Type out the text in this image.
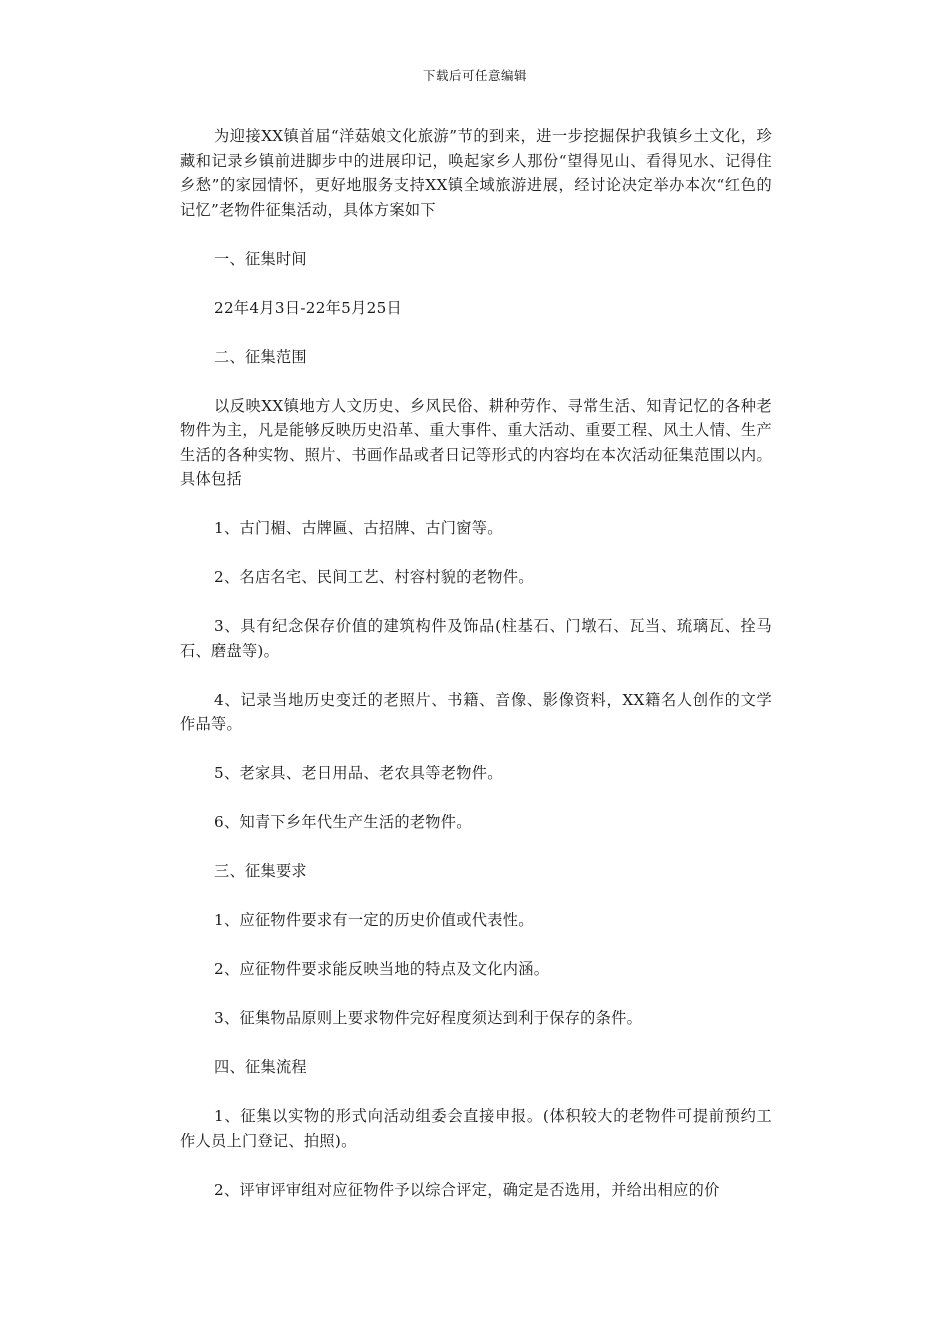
下载后可任意编辑

为迎接XX镇首届“洋菇娘文化旅游”节的到来，进一步挖掘保护我镇乡土文化，珍藏和记录乡镇前进脚步中的进展印记，唤起家乡人那份“望得见山、看得见水、记得住乡愁”的家园情怀，更好地服务支持XX镇全域旅游进展，经讨论决定举办本次“红色的记忆”老物件征集活动，具体方案如下

一、征集时间

22年4月3日-22年5月25日

二、征集范围

以反映XX镇地方人文历史、乡风民俗、耕种劳作、寻常生活、知青记忆的各种老物件为主，凡是能够反映历史沿革、重大事件、重大活动、重要工程、风土人情、生产生活的各种实物、照片、书画作品或者日记等形式的内容均在本次活动征集范围以内。具体包括

1、古门楣、古牌匾、古招牌、古门窗等。

2、名店名宅、民间工艺、村容村貌的老物件。

3、具有纪念保存价值的建筑构件及饰品(柱基石、门墩石、瓦当、琉璃瓦、拴马石、磨盘等)。

4、记录当地历史变迁的老照片、书籍、音像、影像资料，XX籍名人创作的文学作品等。

5、老家具、老日用品、老农具等老物件。

6、知青下乡年代生产生活的老物件。

三、征集要求

1、应征物件要求有一定的历史价值或代表性。

2、应征物件要求能反映当地的特点及文化内涵。

3、征集物品原则上要求物件完好程度须达到利于保存的条件。

四、征集流程

1、征集以实物的形式向活动组委会直接申报。(体积较大的老物件可提前预约工作人员上门登记、拍照)。

2、评审评审组对应征物件予以综合评定，确定是否选用，并给出相应的价
